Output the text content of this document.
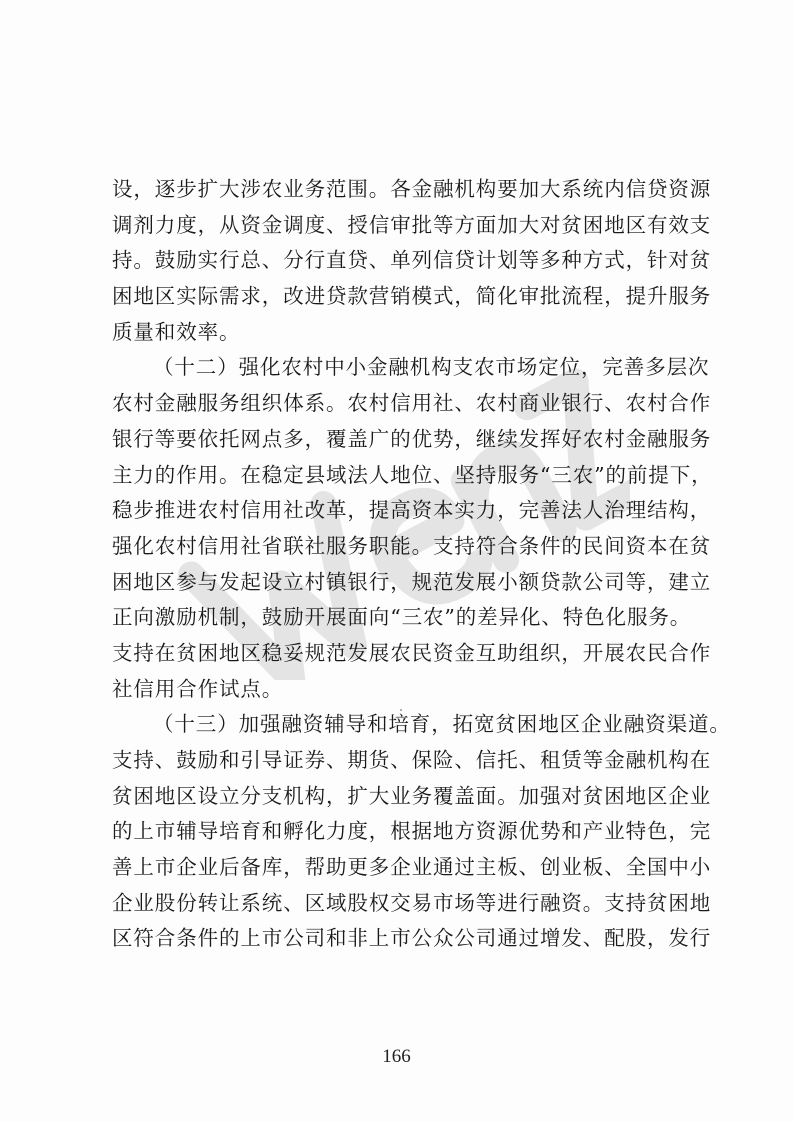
设，逐步扩大涉农业务范围。各金融机构要加大系统内信贷资源
调剂力度，从资金调度、授信审批等方面加大对贫困地区有效支
持。鼓励实行总、分行直贷、单列信贷计划等多种方式，针对贫
困地区实际需求，改进贷款营销模式，简化审批流程，提升服务
质量和效率。
（十二）强化农村中小金融机构支农市场定位，完善多层次
农村金融服务组织体系。农村信用社、农村商业银行、农村合作
银行等要依托网点多，覆盖广的优势，继续发挥好农村金融服务
主力的作用。在稳定县域法人地位、坚持服务“三农”的前提下，
稳步推进农村信用社改革，提高资本实力，完善法人治理结构，
强化农村信用社省联社服务职能。支持符合条件的民间资本在贫
困地区参与发起设立村镇银行，规范发展小额贷款公司等，建立
正向激励机制，鼓励开展面向“三农”的差异化、特色化服务。
支持在贫困地区稳妥规范发展农民资金互助组织，开展农民合作
社信用合作试点。
（十三）加强融资辅导和培育，拓宽贫困地区企业融资渠道。
支持、鼓励和引导证券、期货、保险、信托、租赁等金融机构在
贫困地区设立分支机构，扩大业务覆盖面。加强对贫困地区企业
的上市辅导培育和孵化力度，根据地方资源优势和产业特色，完
善上市企业后备库，帮助更多企业通过主板、创业板、全国中小
企业股份转让系统、区域股权交易市场等进行融资。支持贫困地
区符合条件的上市公司和非上市公众公司通过增发、配股，发行
166
